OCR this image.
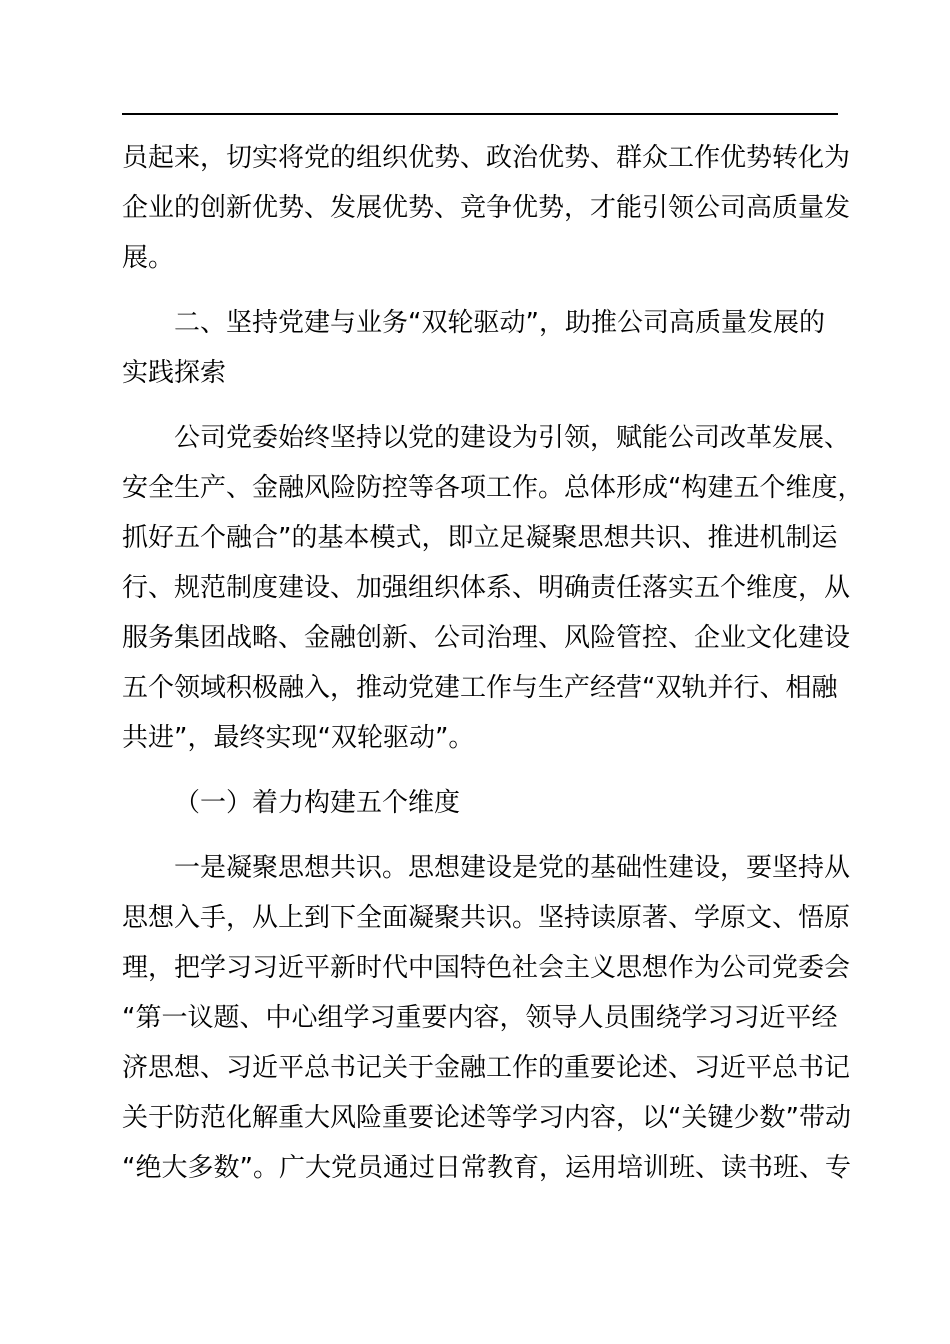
员起来，切实将党的组织优势、政治优势、群众工作优势转化为
企业的创新优势、发展优势、竞争优势，才能引领公司高质量发
展。
二、坚持党建与业务“双轮驱动”，助推公司高质量发展的
实践探索
公司党委始终坚持以党的建设为引领，赋能公司改革发展、
安全生产、金融风险防控等各项工作。总体形成“构建五个维度，
抓好五个融合”的基本模式，即立足凝聚思想共识、推进机制运
行、规范制度建设、加强组织体系、明确责任落实五个维度，从
服务集团战略、金融创新、公司治理、风险管控、企业文化建设
五个领域积极融入，推动党建工作与生产经营“双轨并行、相融
共进”，最终实现“双轮驱动”。
（一）着力构建五个维度
一是凝聚思想共识。思想建设是党的基础性建设，要坚持从
思想入手，从上到下全面凝聚共识。坚持读原著、学原文、悟原
理，把学习习近平新时代中国特色社会主义思想作为公司党委会
“第一议题、中心组学习重要内容，领导人员围绕学习习近平经
济思想、习近平总书记关于金融工作的重要论述、习近平总书记
关于防范化解重大风险重要论述等学习内容，以“关键少数”带动
“绝大多数”。广大党员通过日常教育，运用培训班、读书班、专
